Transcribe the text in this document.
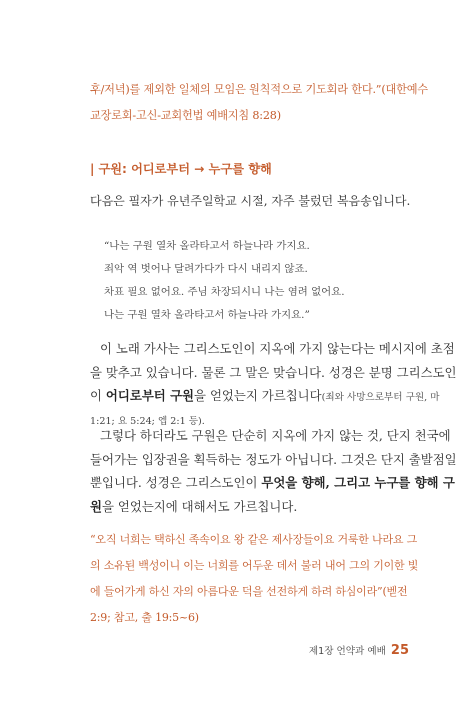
후/저녁)를 제외한 일체의 모임은 원칙적으로 기도회라 한다.”(대한예수
교장로회-고신-교회헌법 예배지침 8:28)
| 구원: 어디로부터 → 누구를 향해
다음은 필자가 유년주일학교 시절, 자주 불렀던 복음송입니다.
“나는 구원 열차 올라타고서 하늘나라 가지요.
죄악 역 벗어나 달려가다가 다시 내리지 않죠.
차표 필요 없어요. 주님 차장되시니 나는 염려 없어요.
나는 구원 열차 올라타고서 하늘나라 가지요.”
이 노래 가사는 그리스도인이 지옥에 가지 않는다는 메시지에 초점
을 맞추고 있습니다. 물론 그 말은 맞습니다. 성경은 분명 그리스도인
이 어디로부터 구원을 얻었는지 가르칩니다(죄와 사망으로부터 구원, 마
1:21; 요 5:24; 엡 2:1 등).
그렇다 하더라도 구원은 단순히 지옥에 가지 않는 것, 단지 천국에
들어가는 입장권을 획득하는 정도가 아닙니다. 그것은 단지 출발점일
뿐입니다. 성경은 그리스도인이 무엇을 향해, 그리고 누구를 향해 구
원을 얻었는지에 대해서도 가르칩니다.
“오직 너희는 택하신 족속이요 왕 같은 제사장들이요 거룩한 나라요 그
의 소유된 백성이니 이는 너희를 어두운 데서 불러 내어 그의 기이한 빛
에 들어가게 하신 자의 아름다운 덕을 선전하게 하려 하심이라”(벧전
2:9; 참고, 출 19:5~6)
제1장 언약과 예배 25
